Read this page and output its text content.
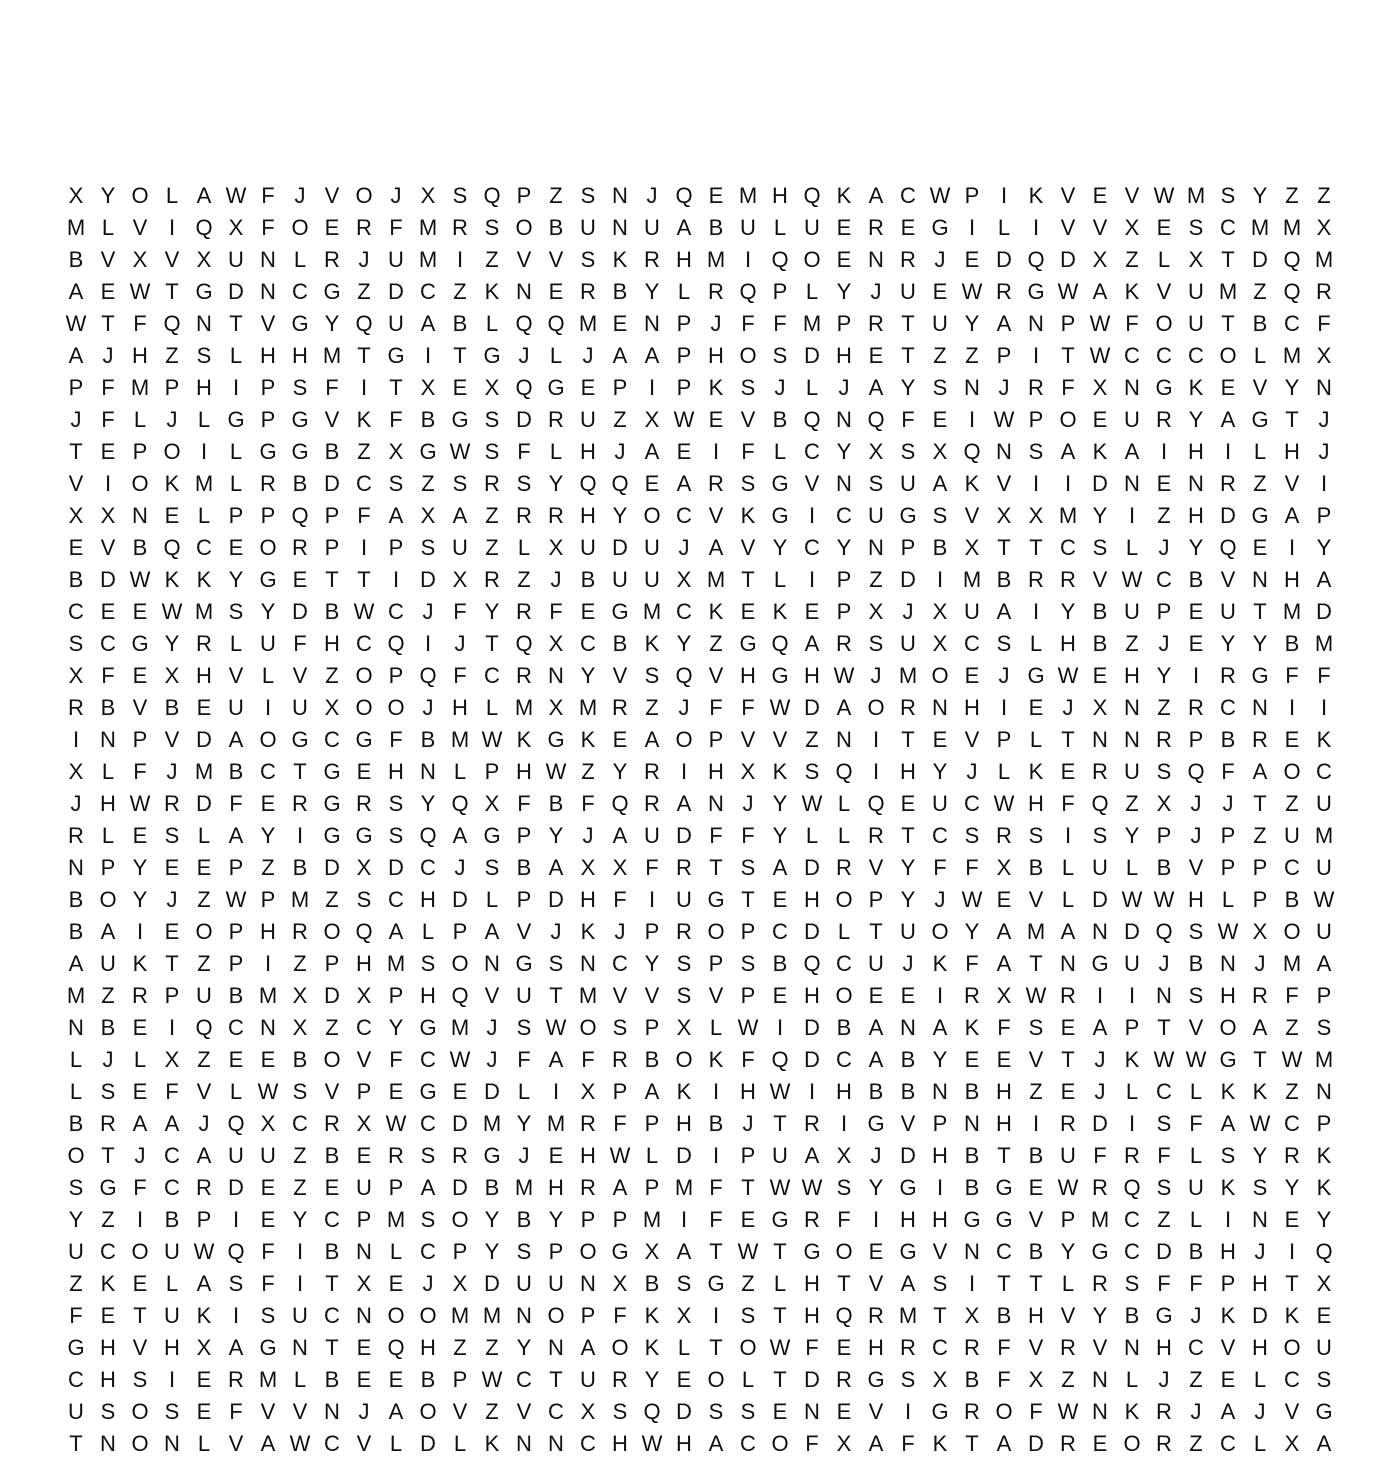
X Y O L A W F J V O J X S Q P Z S N J Q E M H Q K A C W P I K V E V W M S Y Z Z
M L V I Q X F O E R F M R S O B U N U A B U L U E R E G I	L	I V V X E S C M M X
B V X V X U N L R J U M I	Z V V S K R H M I Q O E N R J E D Q D X Z L X T D Q M
A E W T G D N C G Z D C Z K N E R B Y L R Q P L Y J U E W R G W A K V U M Z Q R
W T F Q N T V G Y Q U A B L Q Q M E N P J F F M P R T U Y A N P W F O U T B C F
A J H Z S L H H M T G I	T G J L J A A P H O S D H E T Z Z P I	T W C C C O L M X
P F M P H I P S F	I	T X E X Q G E P I P K S J L J A Y S N J R F X N G K E V Y N
J F L J L G P G V K F B G S D R U Z X W E V B Q N Q F E I W P O E U R Y A G T J
T E P O I	L G G B Z X G W S F L H J A E I	F L C Y X S X Q N S A K A I H I	L H J
V I O K M L R B D C S Z S R S Y Q Q E A R S G V N S U A K V I	I D N E N R Z V I
X X N E L P P Q P F A X A Z R R H Y O C V K G I C U G S V X X M Y I	Z H D G A P
E V B Q C E O R P I P S U Z L X U D U J A V Y C Y N P B X T T C S L J Y Q E I Y
B D W K K Y G E T T	I D X R Z J B U U X M T L	I P Z D I M B R R V W C B V N H A
C E E W M S Y D B W C J F Y R F E G M C K E K E P X J X U A I Y B U P E U T M D
S C G Y R L U F H C Q I	J T Q X C B K Y Z G Q A R S U X C S L H B Z J E Y Y B M
X F E X H V L V Z O P Q F C R N Y V S Q V H G H W J M O E J G W E H Y I R G F F
R B V B E U I U X O O J H L M X M R Z J F F W D A O R N H I E J X N Z R C N I	I
I N P V D A O G C G F B M W K G K E A O P V V Z N I	T E V P L T N N R P B R E K
X L F J M B C T G E H N L P H W Z Y R I H X K S Q I H Y J L K E R U S Q F A O C
J H W R D F E R G R S Y Q X F B F Q R A N J Y W L Q E U C W H F Q Z X J J T Z U
R L E S L A Y I G G S Q A G P Y J A U D F F Y L L R T C S R S I S Y P J P Z U M
N P Y E E P Z B D X D C J S B A X X F R T S A D R V Y F F X B L U L B V P P C U
B O Y J Z W P M Z S C H D L P D H F	I U G T E H O P Y J W E V L D W W H L P B W
B A I E O P H R O Q A L P A V J K J P R O P C D L T U O Y A M A N D Q S W X O U
A U K T Z P I	Z P H M S O N G S N C Y S P S B Q C U J K F A T N G U J B N J M A
M Z R P U B M X D X P H Q V U T M V V S V P E H O E E I R X W R I	I N S H R F P
N B E I Q C N X Z C Y G M J S W O S P X L W I D B A N A K F S E A P T V O A Z S
L J L X Z E E B O V F C W J F A F R B O K F Q D C A B Y E E V T J K W W G T W M
L S E F V L W S V P E G E D L	I X P A K I H W I H B B N B H Z E J L C L K K Z N
B R A A J Q X C R X W C D M Y M R F P H B J T R I G V P N H I R D I S F A W C P
O T J C A U U Z B E R S R G J E H W L D I P U A X J D H B T B U F R F L S Y R K
S G F C R D E Z E U P A D B M H R A P M F T W W S Y G I B G E W R Q S U K S Y K
Y Z	I B P I E Y C P M S O Y B Y P P M I	F E G R F	I H H G G V P M C Z L	I N E Y
U C O U W Q F	I B N L C P Y S P O G X A T W T G O E G V N C B Y G C D B H J	I Q
Z K E L A S F	I	T X E J X D U U N X B S G Z L H T V A S I	T T L R S F F P H T X
F E T U K I S U C N O O M M N O P F K X I S T H Q R M T X B H V Y B G J K D K E
G H V H X A G N T E Q H Z Z Y N A O K L T O W F E H R C R F V R V N H C V H O U
C H S I E R M L B E E B P W C T U R Y E O L T D R G S X B F X Z N L J Z E L C S
U S O S E F V V N J A O V Z V C X S Q D S S E N E V I G R O F W N K R J A J V G
T N O N L V A W C V L D L K N N C H W H A C O F X A F K T A D R E O R Z C L X A
